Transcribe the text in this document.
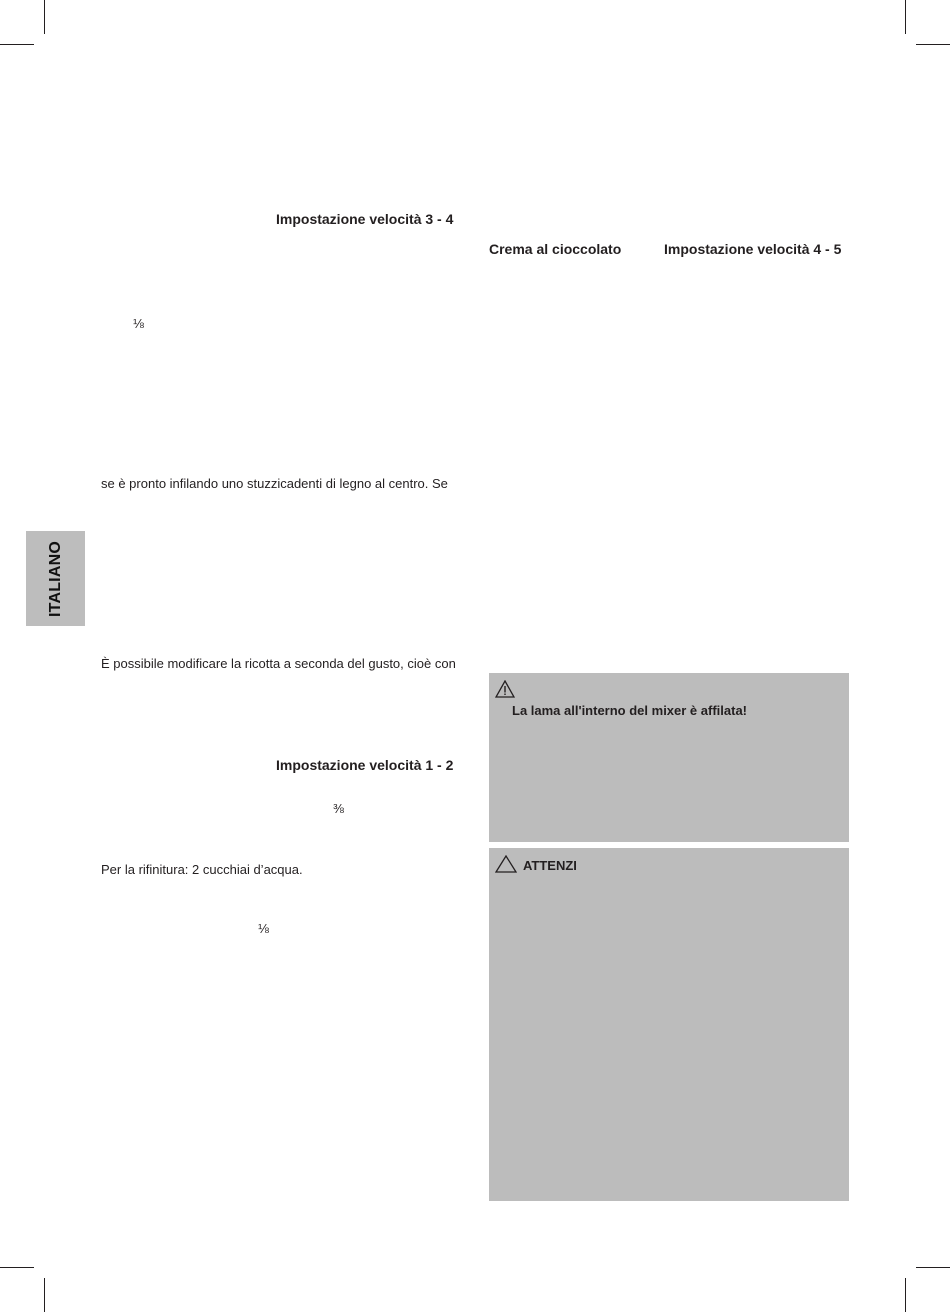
ITALIANO
Impostazione velocità 3 - 4
⅛
se è pronto infilando uno stuzzicadenti di legno al centro. Se
È possibile modificare la ricotta a seconda del gusto, cioè con
Impostazione velocità 1 - 2
⅜
Per la rifinitura: 2 cucchiai d’acqua.
⅛
Crema al cioccolato	Impostazione velocità 4 - 5
La lama all'interno del mixer è affilata!
ATTENZI
